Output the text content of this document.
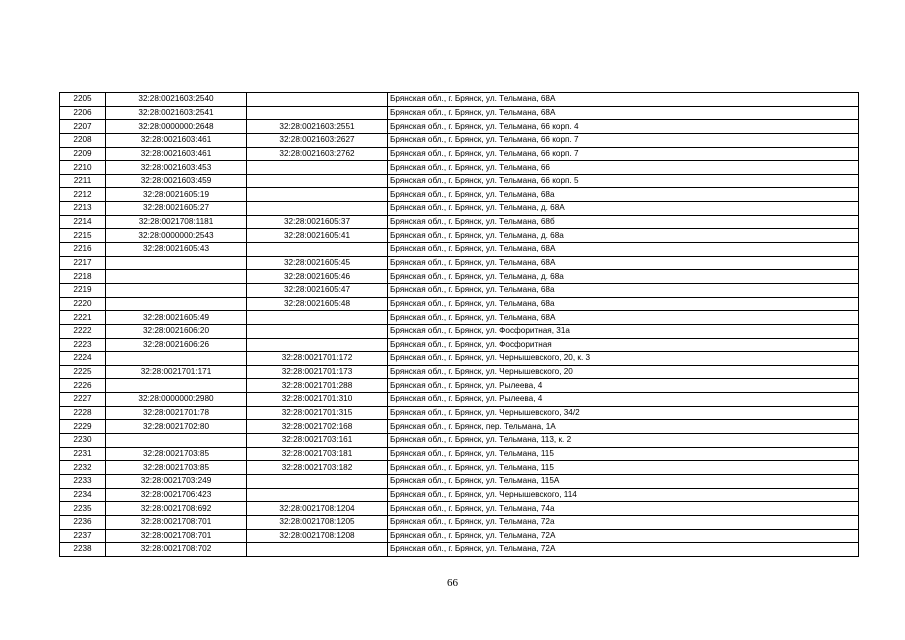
2205	32:28:0021603:2540		Брянская обл., г. Брянск, ул. Тельмана, 68А
2206	32:28:0021603:2541		Брянская обл., г. Брянск, ул. Тельмана, 68А
2207	32:28:0000000:2648	32:28:0021603:2551	Брянская обл., г. Брянск, ул. Тельмана, 66 корп. 4
2208	32:28:0021603:461	32:28:0021603:2627	Брянская обл., г. Брянск, ул. Тельмана, 66 корп. 7
2209	32:28:0021603:461	32:28:0021603:2762	Брянская обл., г. Брянск, ул. Тельмана, 66 корп. 7
2210	32:28:0021603:453		Брянская обл., г. Брянск, ул. Тельмана, 66
2211	32:28:0021603:459		Брянская обл., г. Брянск, ул. Тельмана, 66 корп. 5
2212	32:28:0021605:19		Брянская обл., г. Брянск, ул. Тельмана, 68а
2213	32:28:0021605:27		Брянская обл., г. Брянск, ул. Тельмана, д. 68А
2214	32:28:0021708:1181	32:28:0021605:37	Брянская обл., г. Брянск, ул. Тельмана, 68б
2215	32:28:0000000:2543	32:28:0021605:41	Брянская обл., г. Брянск, ул. Тельмана, д. 68а
2216	32:28:0021605:43		Брянская обл., г. Брянск, ул. Тельмана, 68А
2217		32:28:0021605:45	Брянская обл., г. Брянск, ул. Тельмана, 68А
2218		32:28:0021605:46	Брянская обл., г. Брянск, ул. Тельмана, д. 68а
2219		32:28:0021605:47	Брянская обл., г. Брянск, ул. Тельмана, 68а
2220		32:28:0021605:48	Брянская обл., г. Брянск, ул. Тельмана, 68а
2221	32:28:0021605:49		Брянская обл., г. Брянск, ул. Тельмана, 68А
2222	32:28:0021606:20		Брянская обл., г. Брянск, ул. Фосфоритная, 31а
2223	32:28:0021606:26		Брянская обл., г. Брянск, ул. Фосфоритная
2224		32:28:0021701:172	Брянская обл., г. Брянск, ул. Чернышевского, 20, к. 3
2225	32:28:0021701:171	32:28:0021701:173	Брянская обл., г. Брянск, ул. Чернышевского, 20
2226		32:28:0021701:288	Брянская обл., г. Брянск, ул. Рылеева, 4
2227	32:28:0000000:2980	32:28:0021701:310	Брянская обл., г. Брянск, ул. Рылеева, 4
2228	32:28:0021701:78	32:28:0021701:315	Брянская обл., г. Брянск, ул. Чернышевского, 34/2
2229	32:28:0021702:80	32:28:0021702:168	Брянская обл., г. Брянск, пер. Тельмана, 1А
2230		32:28:0021703:161	Брянская обл., г. Брянск, ул. Тельмана, 113, к. 2
2231	32:28:0021703:85	32:28:0021703:181	Брянская обл., г. Брянск, ул. Тельмана, 115
2232	32:28:0021703:85	32:28:0021703:182	Брянская обл., г. Брянск, ул. Тельмана, 115
2233	32:28:0021703:249		Брянская обл., г. Брянск, ул. Тельмана, 115А
2234	32:28:0021706:423		Брянская обл., г. Брянск, ул. Чернышевского, 114
2235	32:28:0021708:692	32:28:0021708:1204	Брянская обл., г. Брянск, ул. Тельмана, 74а
2236	32:28:0021708:701	32:28:0021708:1205	Брянская обл., г. Брянск, ул. Тельмана, 72а
2237	32:28:0021708:701	32:28:0021708:1208	Брянская обл., г. Брянск, ул. Тельмана, 72А
2238	32:28:0021708:702		Брянская обл., г. Брянск, ул. Тельмана, 72А
66
